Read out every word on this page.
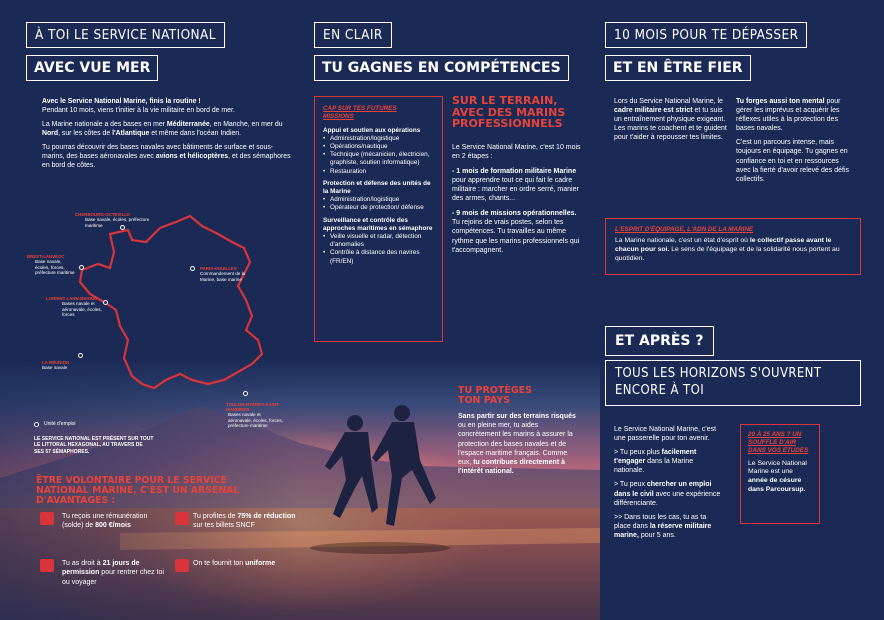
À TOI LE SERVICE NATIONAL
AVEC VUE MER

Avec le Service National Marine, finis la routine !
Pendant 10 mois, viens t'initier à la vie militaire en bord de mer.

La Marine nationale a des bases en mer Méditerranée, en Manche, en mer du Nord, sur les côtes de l'Atlantique et même dans l'océan Indien.

Tu pourras découvrir des bases navales avec bâtiments de surface et sous-marins, des bases aéronavales avec avions et hélicoptères, et des sémaphores en bord de côtes.

CHERBOURG-OCTEVILLE
Base navale, écoles, préfecture maritime
BREST-LANVÉOC
Base navale, écoles, forces, préfecture maritime
LORIENT-LANN-BIHOUÉ
Bases navale et aéronavale, écoles, forces
PARIS-HOUILLES
Commandement de la Marine, base marine
LA RÉUNION
Base navale
TOULON-HYÈRES-SAINT-MANDRIER
Bases navale et aéronavale, écoles, forces, préfecture maritime
Unité d'emploi
LE SERVICE NATIONAL EST PRÉSENT SUR TOUT LE LITTORAL HEXAGONAL, AU TRAVERS DE SES 57 SÉMAPHORES.
ÊTRE VOLONTAIRE POUR LE SERVICE NATIONAL MARINE, C'EST UN ARSENAL D'AVANTAGES :
Tu reçois une rémunération (solde) de 800 €/mois
Tu profites de 75% de réduction sur tes billets SNCF
Tu as droit à 21 jours de permission pour rentrer chez toi ou voyager
On te fournit ton uniforme
EN CLAIR
TU GAGNES EN COMPÉTENCES
CAP SUR TES FUTURES MISSIONS
Appui et soutien aux opérations
• Administration/logistique
• Opérations/nautique
• Technique (mécanicien, électricien, graphiste, soutien informatique)
• Restauration
Protection et défense des unités de la Marine
• Administration/logistique
• Opérateur de protection/ défense
Surveillance et contrôle des approches maritimes en sémaphore
• Veille visuelle et radar, détection d'anomalies
• Contrôle à distance des navires (FR/EN)
SUR LE TERRAIN, AVEC DES MARINS PROFESSIONNELS

Le Service National Marine, c'est 10 mois en 2 étapes :

- 1 mois de formation militaire Marine pour apprendre tout ce qui fait le cadre militaire : marcher en ordre serré, manier des armes, chants...

- 9 mois de missions opérationnelles.
Tu rejoins de vrais postes, selon tes compétences. Tu travailles au même rythme que les marins professionnels qui t'accompagnent.

TU PROTÈGES TON PAYS
Sans partir sur des terrains risqués ou en pleine mer, tu aides concrètement les marins à assurer la protection des bases navales et de l'espace maritime français. Comme eux, tu contribues directement à l'intérêt national.
10 MOIS POUR TE DÉPASSER
ET EN ÊTRE FIER
Lors du Service National Marine, le cadre militaire est strict et tu suis un entraînement physique exigeant. Les marins te coachent et te guident pour t'aider à repousser tes limites.

Tu forges aussi ton mental pour gérer les imprévus et acquérir les réflexes utiles à la protection des bases navales.

C'est un parcours intense, mais toujours en équipage. Tu gagnes en confiance en toi et en ressources avec la fierté d'avoir relevé des défis collectifs.

L'ESPRIT D'ÉQUIPAGE, L'ADN DE LA MARINE
La Marine nationale, c'est un état d'esprit où le collectif passe avant le chacun pour soi. Le sens de l'équipage et de la solidarité nous portent au quotidien.
ET APRÈS ?
TOUS LES HORIZONS S'OUVRENT ENCORE À TOI

Le Service National Marine, c'est une passerelle pour ton avenir.

> Tu peux plus facilement t'engager dans la Marine nationale.

> Tu peux chercher un emploi dans le civil avec une expérience différenciante.

>> Dans tous les cas, tu as ta place dans la réserve militaire marine, pour 5 ans.

20 À 25 ANS ? UN SOUFFLE D'AIR DANS VOS ÉTUDES
Le Service National Marine est une année de césure dans Parcoursup.
